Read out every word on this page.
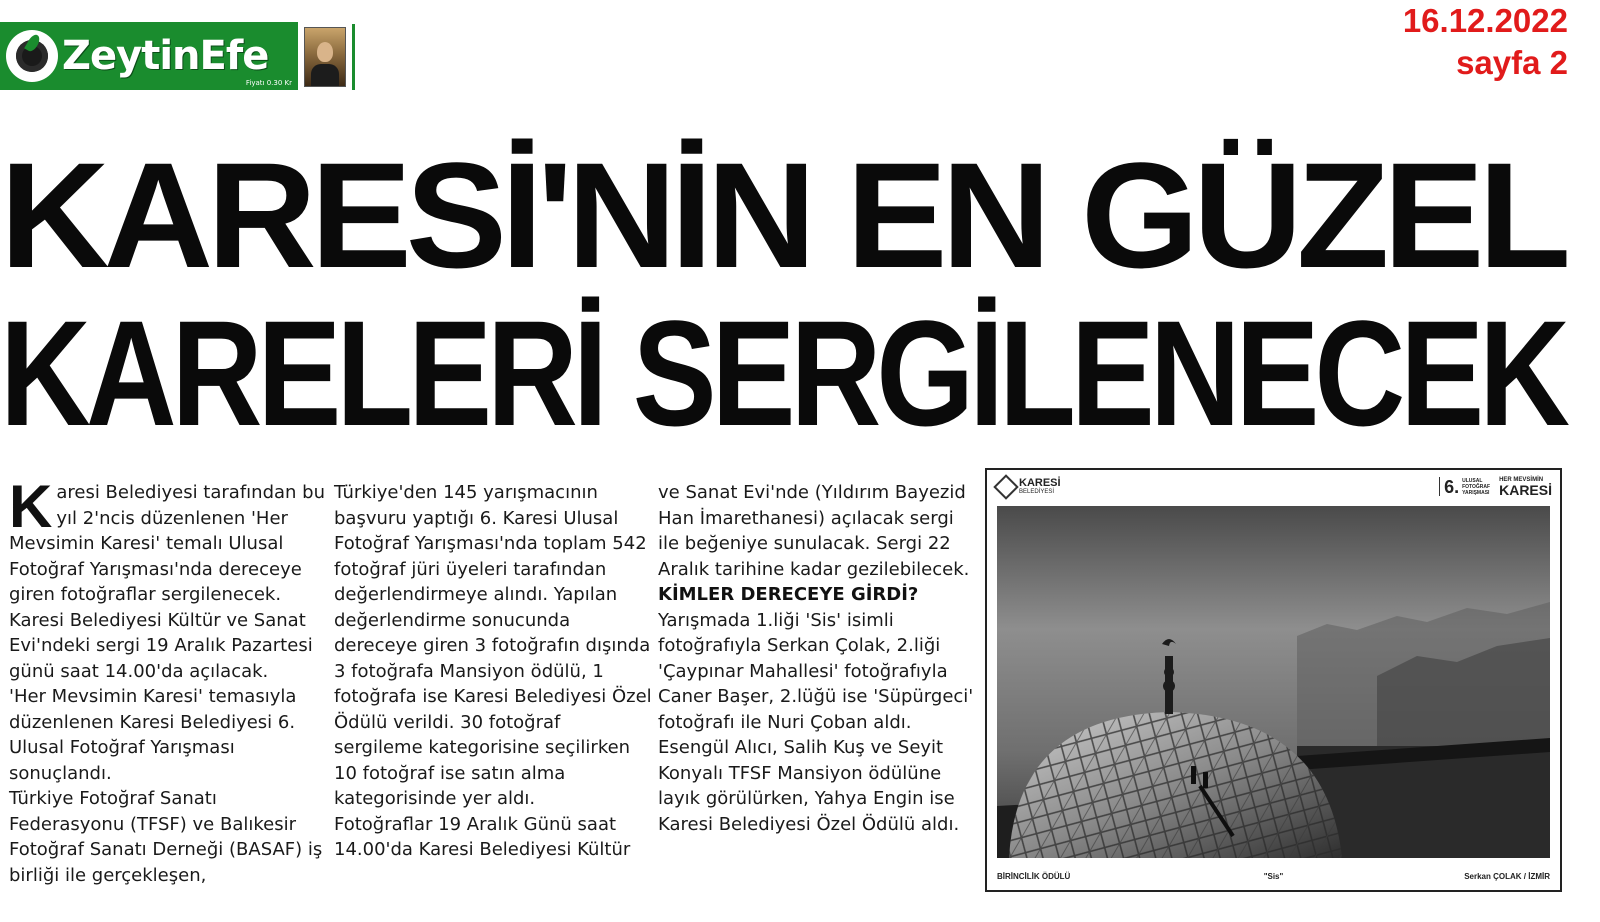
ZeytinEfe
Fiyatı 0.30 Kr
16.12.2022
sayfa 2
KARESİ'NİN EN GÜZEL
KARELERİ SERGİLENECEK
K aresi Belediyesi tarafından bu yıl 2'ncis düzenlenen 'Her Mevsimin Karesi' temalı Ulusal Fotoğraf Yarışması'nda dereceye giren fotoğraflar sergilenecek. Karesi Belediyesi Kültür ve Sanat Evi'ndeki sergi 19 Aralık Pazartesi günü saat 14.00'da açılacak.

'Her Mevsimin Karesi' temasıyla düzenlenen Karesi Belediyesi 6. Ulusal Fotoğraf Yarışması sonuçlandı.

Türkiye Fotoğraf Sanatı Federasyonu (TFSF) ve Balıkesir Fotoğraf Sanatı Derneği (BASAF) iş birliği ile gerçekleşen,

Türkiye'den 145 yarışmacının başvuru yaptığı 6. Karesi Ulusal Fotoğraf Yarışması'nda toplam 542 fotoğraf jüri üyeleri tarafından değerlendirmeye alındı. Yapılan değerlendirme sonucunda dereceye giren 3 fotoğrafın dışında 3 fotoğrafa Mansiyon ödülü, 1 fotoğrafa ise Karesi Belediyesi Özel Ödülü verildi. 30 fotoğraf sergileme kategorisine seçilirken 10 fotoğraf ise satın alma kategorisinde yer aldı.

Fotoğraflar 19 Aralık Günü saat 14.00'da Karesi Belediyesi Kültür

ve Sanat Evi'nde (Yıldırım Bayezid Han İmarethanesi) açılacak sergi ile beğeniye sunulacak. Sergi 22 Aralık tarihine kadar gezilebilecek.

KİMLER DERECEYE GİRDİ?

Yarışmada 1.liği 'Sis' isimli fotoğrafıyla Serkan Çolak, 2.liği 'Çaypınar Mahallesi' fotoğrafıyla Caner Başer, 2.lüğü ise 'Süpürgeci' fotoğrafı ile Nuri Çoban aldı. Esengül Alıcı, Salih Kuş ve Seyit Konyalı TFSF Mansiyon ödülüne layık görülürken, Yahya Engin ise Karesi Belediyesi Özel Ödülü aldı.

KARESİ
BELEDİYESİ	6. ULUSAL FOTOĞRAF YARIŞMASI
HER MEVSİMİN
KARESİ
BİRİNCİLİK ÖDÜLÜ	"Sis"	Serkan ÇOLAK / İZMİR
